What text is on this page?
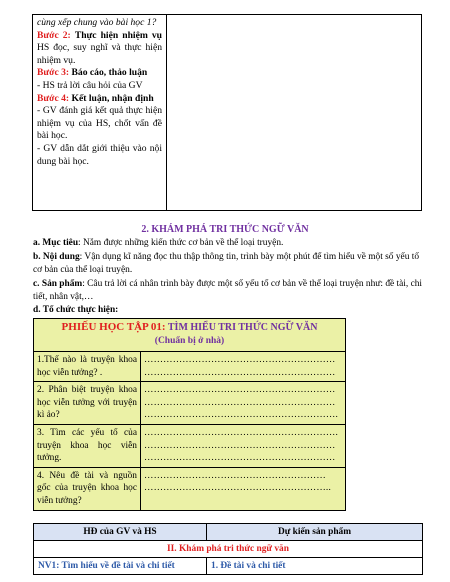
cùng xếp chung vào bài học 1?
Bước 2: Thực hiện nhiệm vụ HS đọc, suy nghĩ và thực hiện nhiệm vụ.
Bước 3: Báo cáo, thảo luận
- HS trả lời câu hỏi của GV
Bước 4: Kết luận, nhận định
- GV đánh giá kết quả thực hiện nhiệm vụ của HS, chốt vấn đề bài học.
- GV dẫn dắt giới thiệu vào nội dung bài học.

2. KHÁM PHÁ TRI THỨC NGỮ VĂN
a. Mục tiêu: Nắm được những kiến thức cơ bản về thể loại truyện.
b. Nội dung: Vận dụng kĩ năng đọc thu thập thông tin, trình bày một phút để tìm hiểu về một số yếu tố cơ bản của thể loại truyện.
c. Sản phẩm: Câu trả lời cá nhân trình bày được một số yếu tố cơ bản về thể loại truyện như: đề tài, chi tiết, nhân vật,…
d. Tổ chức thực hiện:
PHIẾU HỌC TẬP 01: TÌM HIỂU TRI THỨC NGỮ VĂN
(Chuẩn bị ở nhà)	
1.Thế nào là truyện khoa học viễn tưởng? .	……………………………………………………
……………………………………………………

2. Phân biệt truyện khoa học viễn tưởng với truyện kì ảo?	……………………………………………………
……………………………………………………
…………………………………………………….

3. Tìm các yếu tố của truyện khoa học viễn tưởng.	…………………………………………………….
……………………………………………………
……………………………………………………

4. Nêu đề tài và nguồn gốc của truyện khoa học viễn tưởng?	…………………………………………………
…………………………………………………..
HĐ của GV và HS	Dự kiến sản phẩm
II. Khám phá tri thức ngữ văn	
NV1: Tìm hiểu về đề tài và chi tiết	1. Đề tài và chi tiết
